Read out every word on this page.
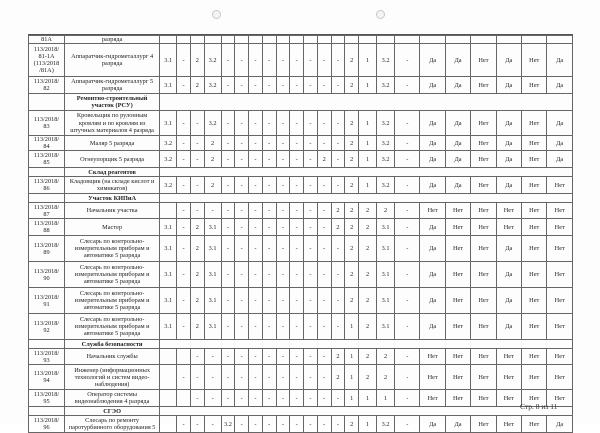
81А	разряда																							
113/2018/ 81-1А (113/2018 /81А)	Аппаратчик-гидрометаллург 4 разряда	3.1	-	2	3.2	-	-	-	-	-	-	-	-	-	2	1	3.2	-	Да	Да	Нет	Да	Нет	Да
113/2018/ 82	Аппаратчик-гидрометаллург 5 разряда	3.1	-	2	3.2	-	-	-	-	-	-	-	-	-	2	1	3.2	-	Да	Да	Нет	Да	Нет	Да
	Ремонтно-строительный участок (РСУ)																							
113/2018/ 83	Кровельщик по рулонным кровлям и по кровлям из штучных материалов 4 разряда	3.1	-	-	3.2	-	-	-	-	-	-	-	-	-	2	1	3.2	-	Да	Да	Нет	Да	Нет	Да
113/2018/ 84	Маляр 5 разряда	3.2	-	-	2	-	-	-	-	-	-	-	-	-	2	1	3.2	-	Да	Да	Нет	Да	Нет	Да
113/2018/ 85	Огнеупорщик 5 разряда	3.2	-	-	2	-	-	-	-	-	-	-	2	-	2	1	3.2	-	Да	Да	Нет	Да	Нет	Да
	Склад реагентов																							
113/2018/ 86	Кладовщик (на складе кислот и химикатов)	3.2	-	-	2	-	-	-	-	-	-	-	-	-	2	1	3.2	-	Да	Да	Нет	Да	Нет	Нет
	Участок КИПиА																							
113/2018/ 87	Начальник участка		-	-	-	-	-	-	-	-	-	-	-	2	2	2	2	-	Нет	Нет	Нет	Нет	Нет	Нет
113/2018/ 88	Мастер	3.1	-	2	3.1	-	-	-	-	-	-	-	-	2	2	2	3.1	-	Да	Нет	Нет	Нет	Нет	Нет
113/2018/ 89	Слесарь по контрольно-измерительным приборам и автоматике 5 разряда	3.1	-	2	3.1	-	-	-	-	-	-	-	-	-	2	2	3.1	-	Да	Нет	Нет	Да	Нет	Нет
113/2018/ 90	Слесарь по контрольно-измерительным приборам и автоматике 5 разряда	3.1	-	2	3.1	-	-	-	-	-	-	-	-	-	2	2	3.1	-	Да	Нет	Нет	Да	Нет	Нет
113/2018/ 91	Слесарь по контрольно-измерительным приборам и автоматике 5 разряда	3.1	-	2	3.1	-	-	-	-	-	-	-	-	-	2	2	3.1	-	Да	Нет	Нет	Да	Нет	Нет
113/2018/ 92	Слесарь по контрольно-измерительным приборам и автоматике 5 разряда	3.1	-	2	3.1	-	-	-	-	-	-	-	-	-	1	2	3.1	-	Да	Нет	Нет	Да	Нет	Нет
	Служба безопасности																							
113/2018/ 93	Начальник службы			-	-	-	-	-	-	-	-	-	-	2	1	2	2	-	Нет	Нет	Нет	Нет	Нет	Нет
113/2018/ 94	Инженер (информационных технологий и систем видео-наблюдения)		-	-	-	-	-	-	-	-	-	-	-	2	1	2	2	-	Нет	Нет	Нет	Нет	Нет	Нет
113/2018/ 95	Оператор системы видеонаблюдения 4 разряда			-	-	-	-	-	-	-	-	-	-	-	1	1	1	-	Нет	Нет	Нет	Нет	Нет	Нет
	СГЭО																							
113/2018/ 96	Слесарь по ремонту паротурбинного оборудования 5		-	-	-	3.2	-	-	-	-	-	-	-	-	2	1	3.2	-	Да	Да	Нет	Нет	Нет	Да
Стр. 8 из 11
